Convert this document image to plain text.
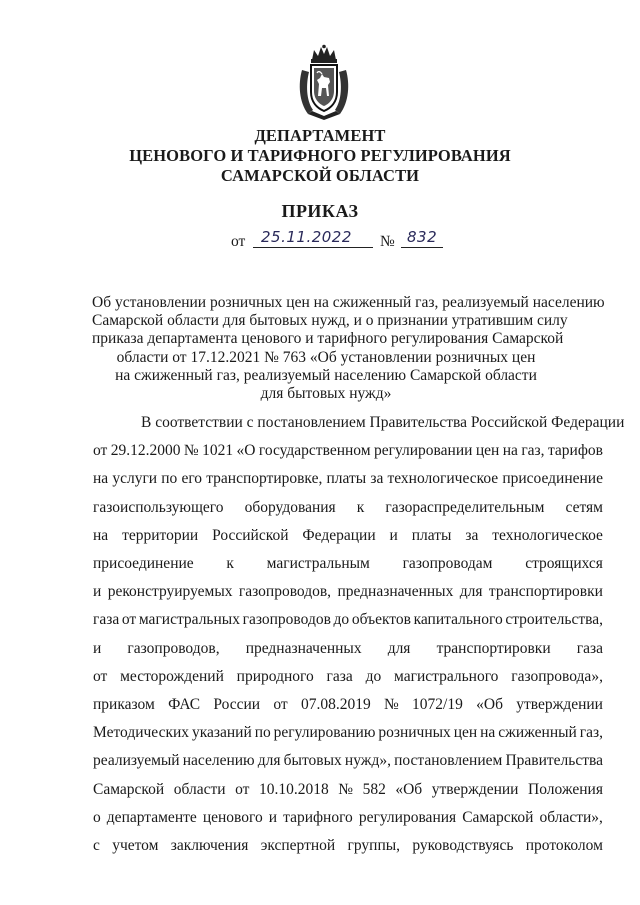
ДЕПАРТАМЕНТ
ЦЕНОВОГО И ТАРИФНОГО РЕГУЛИРОВАНИЯ
САМАРСКОЙ ОБЛАСТИ
ПРИКАЗ
от 25.11.2022 № 832
Об установлении розничных цен на сжиженный газ, реализуемый населению
Самарской области для бытовых нужд, и о признании утратившим силу
приказа департамента ценового и тарифного регулирования Самарской
области от 17.12.2021 № 763 «Об установлении розничных цен
на сжиженный газ, реализуемый населению Самарской области
для бытовых нужд»
В соответствии с постановлением Правительства Российской Федерации
от 29.12.2000 № 1021 «О государственном регулировании цен на газ, тарифов
на услуги по его транспортировке, платы за технологическое присоединение
газоиспользующего оборудования к газораспределительным сетям
на территории Российской Федерации и платы за технологическое
присоединение к магистральным газопроводам строящихся
и реконструируемых газопроводов, предназначенных для транспортировки
газа от магистральных газопроводов до объектов капитального строительства,
и газопроводов, предназначенных для транспортировки газа
от месторождений природного газа до магистрального газопровода»,
приказом ФАС России от 07.08.2019 № 1072/19 «Об утверждении
Методических указаний по регулированию розничных цен на сжиженный газ,
реализуемый населению для бытовых нужд», постановлением Правительства
Самарской области от 10.10.2018 № 582 «Об утверждении Положения
о департаменте ценового и тарифного регулирования Самарской области»,
с учетом заключения экспертной группы, руководствуясь протоколом
